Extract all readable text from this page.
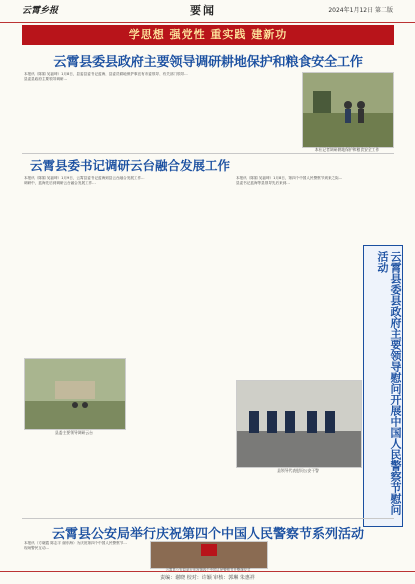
云霄乡报	要闻	2024年1月12日 第二版
学思想 强党性 重实践 建新功
云霄县委县政府主要领导调研耕地保护和粮食安全工作
本报讯（陈娟 吴福坤）1月8日，县委县委书记蓝海、县委员耕地保护事宜有市委领导、有关部门领导...
县委县政府主要领导调研...
本社记者调研耕地保护和粮食安全工作
云霄县委书记调研云台融合发展工作
本报讯（陈娟 吴福坤）1月9日，云霄县委书记蓝海到县云台融合发展工作...
调研中，蓝海先后到调研云台融合发展工作...
本报讯（陈娟 吴福坤）1月8日，第四个中国人民警察节到来之际...
县委书记蓝海等县领导先后来到...
县委主要领导调研云台
县领导代表慰问公安干警	云霄县委县政府主要领导慰问开展中国人民警察节慰问活动
云霄县公安局举行庆祝第四个中国人民警察节系列活动
本报讯（方晓霞 陈志宇 谢东海）为庆祝第四个中国人民警察节...
现场警民互动...
云霄县公安局举行庆祝第四个中国人民警察节升警旗仪式
责编：谢晓 校对：许颖 审核：郭琳 朱惠祥
